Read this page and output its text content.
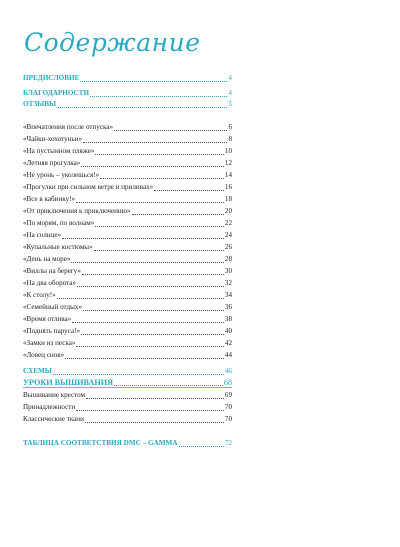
Содержание
ПРЕДИСЛОВИЕ	4
БЛАГОДАРНОСТИ	4
ОТЗЫВЫ	5
«Впечатления после отпуска»	6
«Чайки-хохотуньи»	8
«На пустынном пляже»	10
«Летняя прогулка»	12
«Не уронь – уколешься!»	14
«Прогулки при сильном ветре и приливах»	16
«Все в кабинку!»	18
«От приключения к приключению»	20
«По морям, по волнам»	22
«На солнце»	24
«Купальные костюмы»	26
«День на море»	28
«Виллы на берегу»	30
«На два оборота»	32
«К столу!»	34
«Семейный отдых»	36
«Время отлива»	38
«Поднять паруса!»	40
«Замки из песка»	42
«Ловец снов»	44
СХЕМЫ	46
УРОКИ ВЫШИВАНИЯ	68
Вышивание крестом	69
Принадлежности	70
Классические ткани	70
ТАБЛИЦА СООТВЕТСТВИЯ DMC – GAMMA	72
